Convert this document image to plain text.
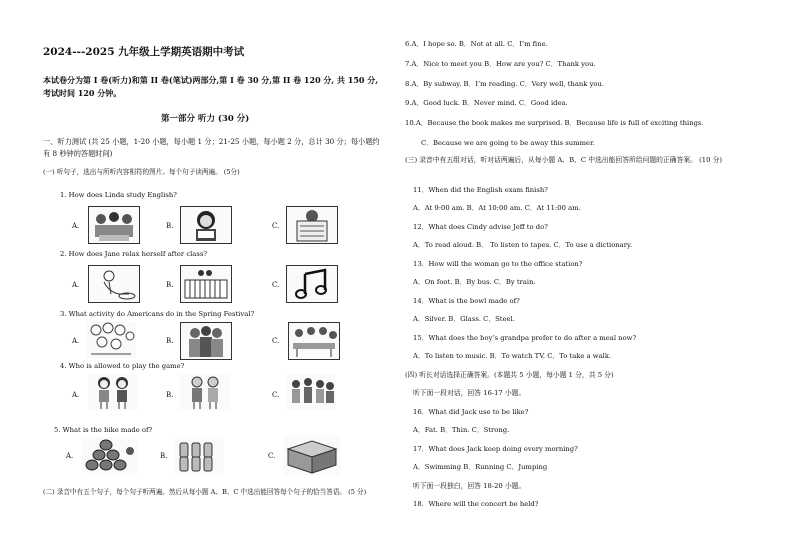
2024---2025 九年级上学期英语期中考试
本试卷分为第 I 卷(听力)和第 II 卷(笔试)两部分,第 I 卷 30 分,第 II 卷 120 分, 共 150 分, 考试时间 120 分钟。
第一部分 听力 (30 分)
一、听力测试 (共 25 小题，1-20 小题，每小题 1 分；21-25 小题，每小题 2 分，总计 30 分；每小题约有 8 秒钟的答题时间)
(一) 听句子，选出与所听内容相符的图片。每个句子读两遍。 (5分)
1. How does Linda study English?
A.	B.	C.
2. How does Jane relax herself after class?
A.	B.	C.
3. What activity do Americans do in the Spring Festival?
A.	B.	C.
4. Who is allowed to play the game?
A.	B.	C.
5. What is the bike made of?
A.	B.	C.
(二) 录音中有五个句子，每个句子听两遍。然后从每小题 A、B、C 中选出能回答每个句子的恰当答语。 (5 分)
6.A．I hope so. B．Not at all. C．I’m fine.
7.A．Nice to meet you B．How are you? C．Thank you.
8.A．By subway. B．I’m reading. C．Very well, thank you.
9.A．Good luck. B．Never mind. C．Good idea.
10.A．Because the book makes me surprised. B．Because life is full of exciting things.
C．Because we are going to be away this summer.
(三) 录音中有五组对话，听对话两遍后，从每小题 A、B、C 中选出能回答所给问题的正确答案。 (10 分)
11．When did the English exam finish?
A．At 9:00 am. B．At 10:00 am. C．At 11:00 am.
12．What does Cindy advise Jeff to do?
A．To read aloud. B． To listen to tapes. C．To use a dictionary.
13．How will the woman go to the office station?
A．On foot. B．By bus. C．By train.
14．What is the bowl made of?
A．Silver. B．Glass. C．Steel.
15．What does the boy’s grandpa prefer to do after a meal now?
A．To listen to music. B．To watch TV. C．To take a walk.
(四) 听长对话选择正确答案。(本题共 5 小题，每小题 1 分，共 5 分)
听下面一段对话，回答 16-17 小题。
16．What did Jack use to be like?
A．Fat. B．Thin. C．Strong.
17．What does Jack keep doing every morning?
A．Swimming B．Running C．Jumping
听下面一段独白，回答 18-20 小题。
18．Where will the concert be held?
